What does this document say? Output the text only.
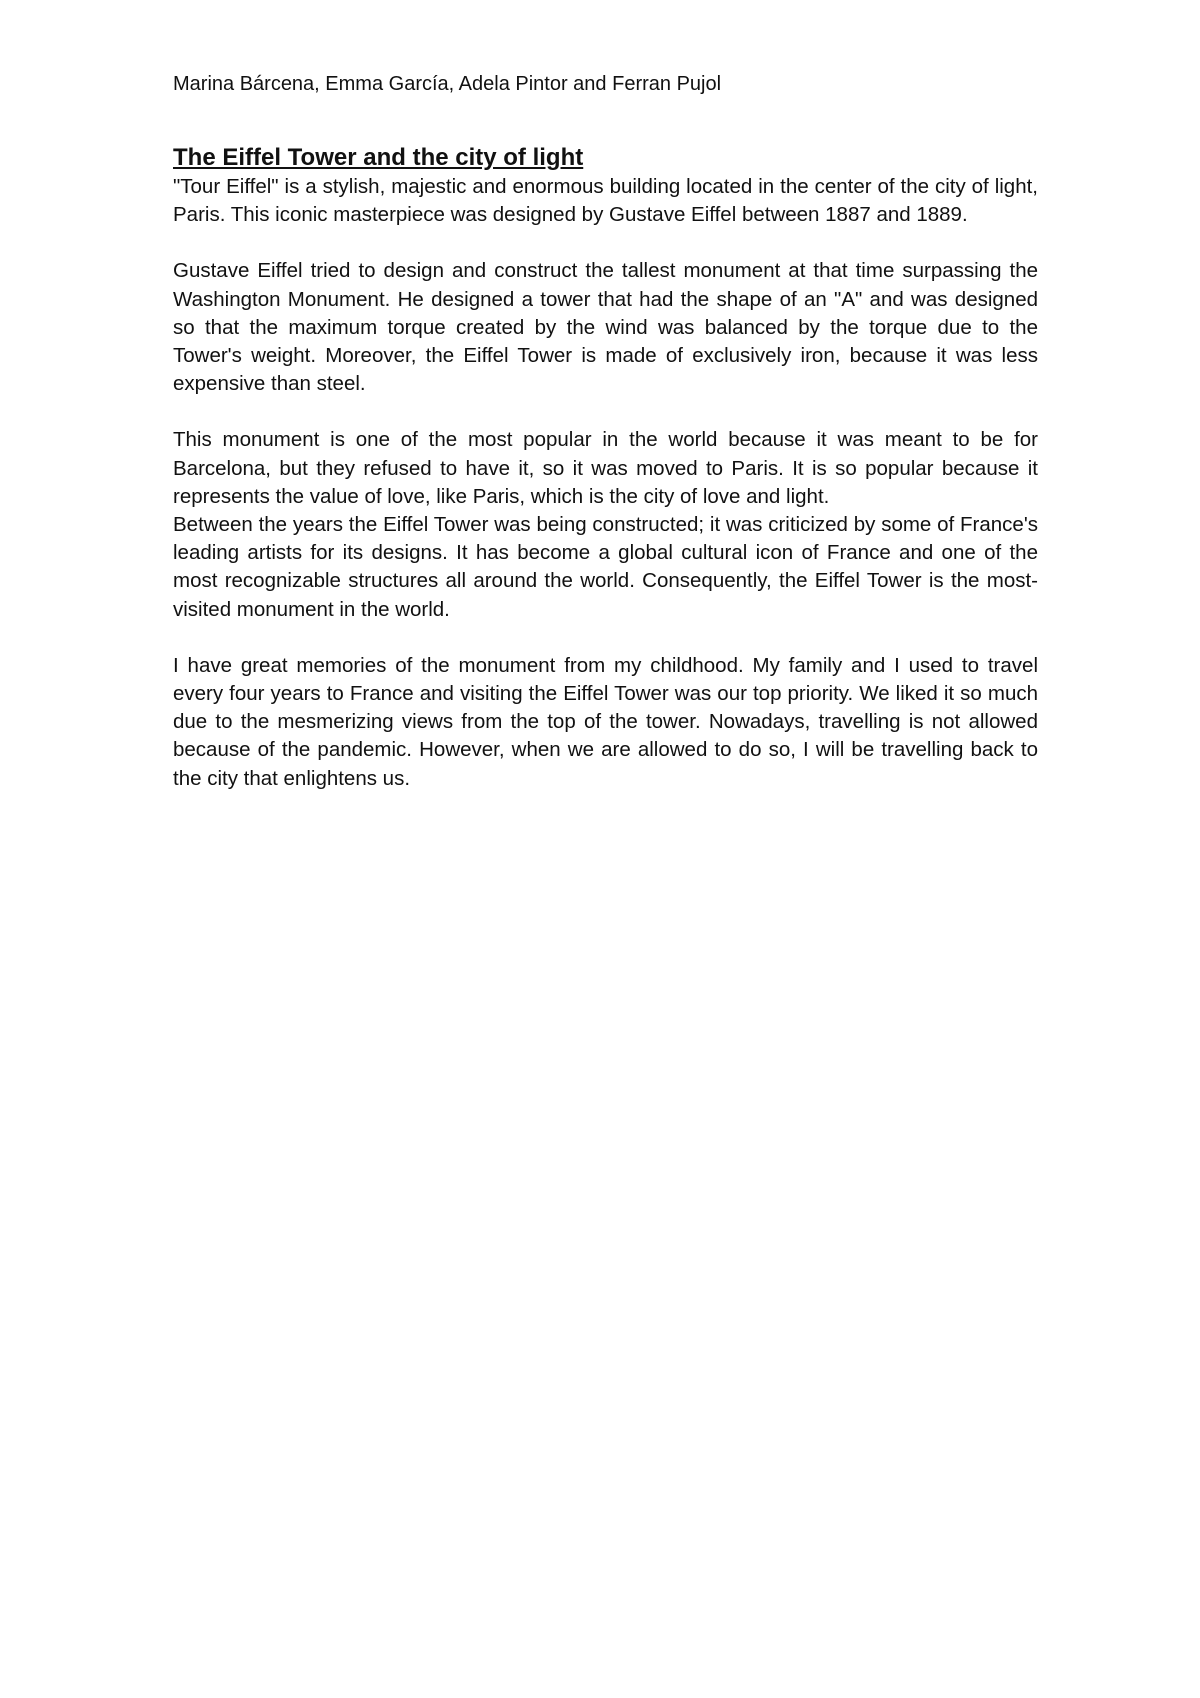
Marina Bárcena, Emma García, Adela Pintor and Ferran Pujol
The Eiffel Tower and the city of light

"Tour Eiffel" is a stylish, majestic and enormous building located in the center of the city of light, Paris. This iconic masterpiece was designed by Gustave Eiffel between 1887 and 1889.

Gustave Eiffel tried to design and construct the tallest monument at that time surpassing the Washington Monument. He designed a tower that had the shape of an "A" and was designed so that the maximum torque created by the wind was balanced by the torque due to the Tower's weight. Moreover, the Eiffel Tower is made of exclusively iron, because it was less expensive than steel.

This monument is one of the most popular in the world because it was meant to be for Barcelona, but they refused to have it, so it was moved to Paris. It is so popular because it represents the value of love, like Paris, which is the city of love and light.

Between the years the Eiffel Tower was being constructed; it was criticized by some of France's leading artists for its designs. It has become a global cultural icon of France and one of the most recognizable structures all around the world. Consequently, the Eiffel Tower is the most-visited monument in the world.

I have great memories of the monument from my childhood. My family and I used to travel every four years to France and visiting the Eiffel Tower was our top priority. We liked it so much due to the mesmerizing views from the top of the tower. Nowadays, travelling is not allowed because of the pandemic. However, when we are allowed to do so, I will be travelling back to the city that enlightens us.
